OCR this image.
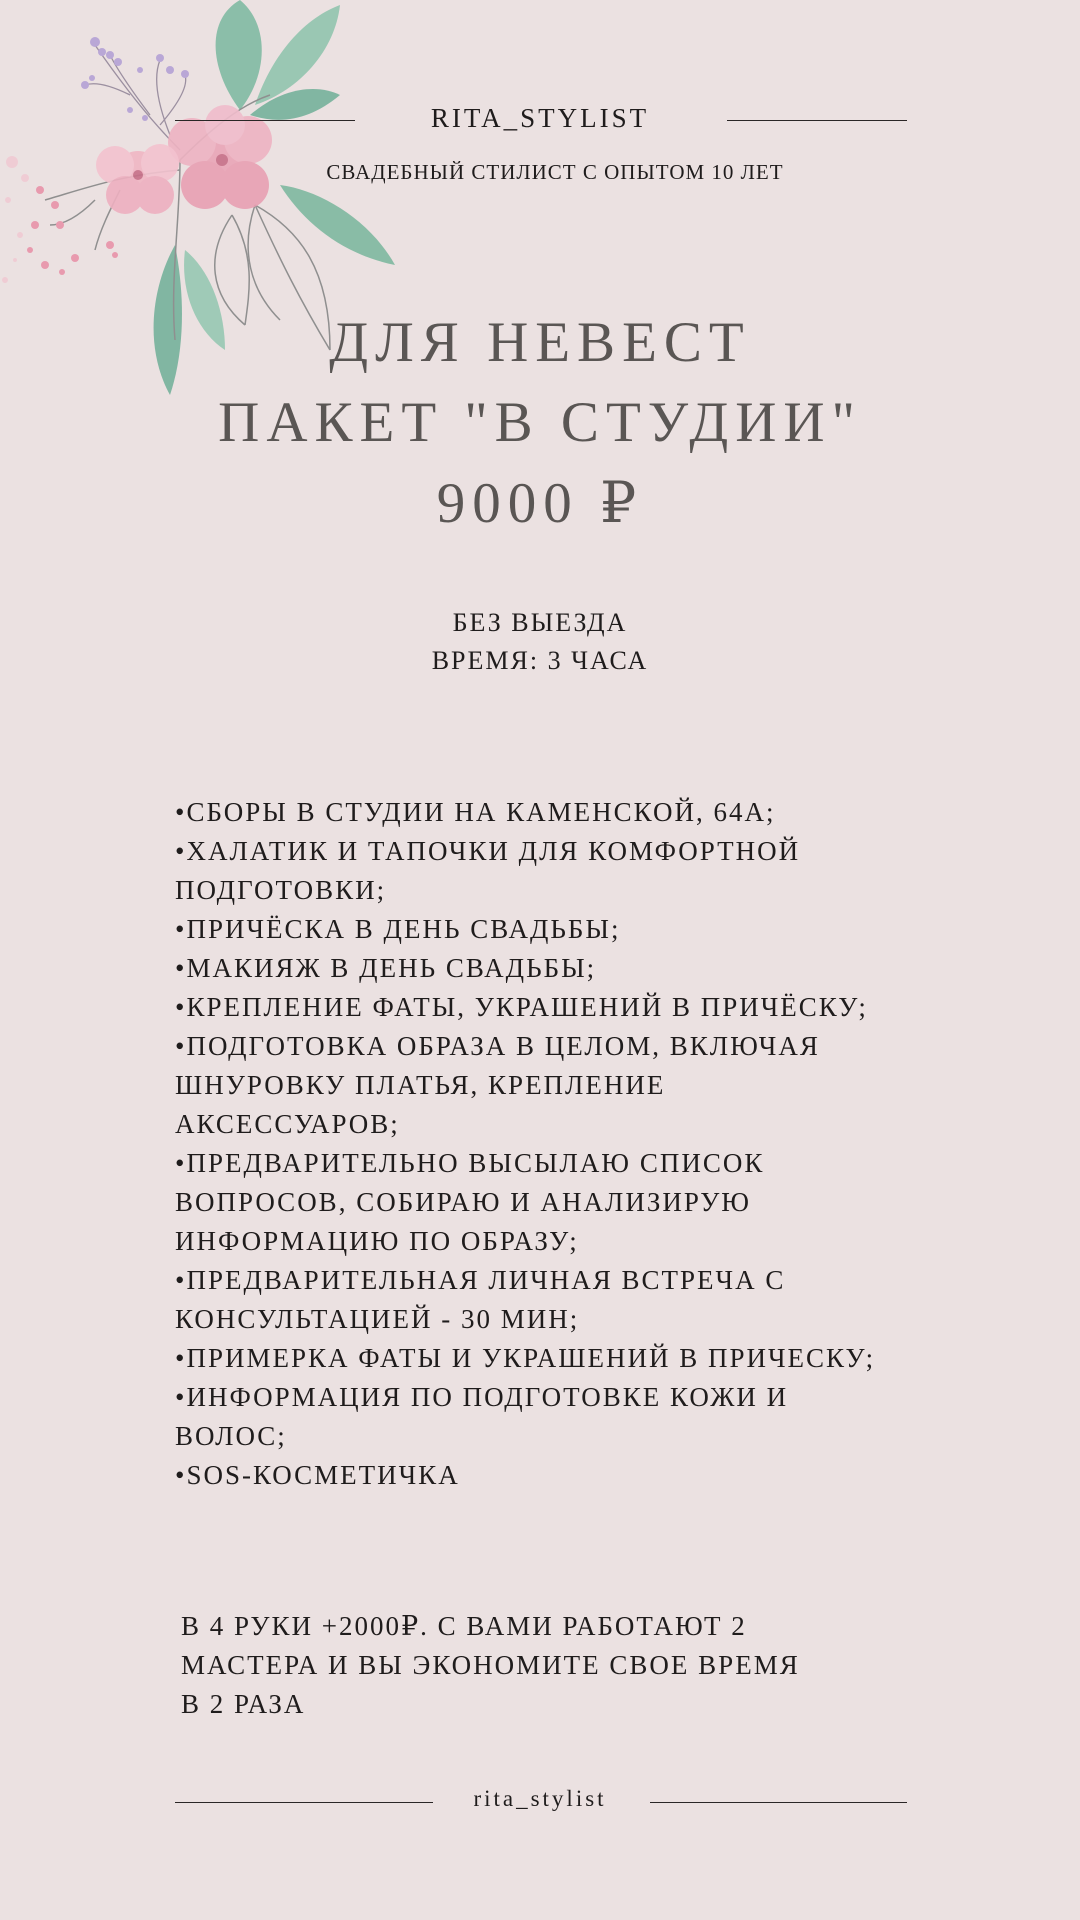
RITA_STYLIST
СВАДЕБНЫЙ СТИЛИСТ С ОПЫТОМ 10 ЛЕТ
ДЛЯ НЕВЕСТ
ПАКЕТ "В СТУДИИ"
9000 ₽
БЕЗ ВЫЕЗДА
ВРЕМЯ: 3 ЧАСА
•СБОРЫ В СТУДИИ НА КАМЕНСКОЙ, 64А;
•ХАЛАТИК И ТАПОЧКИ ДЛЯ КОМФОРТНОЙ
ПОДГОТОВКИ;
•ПРИЧЁСКА В ДЕНЬ СВАДЬБЫ;
•МАКИЯЖ В ДЕНЬ СВАДЬБЫ;
•КРЕПЛЕНИЕ ФАТЫ, УКРАШЕНИЙ В ПРИЧЁСКУ;
•ПОДГОТОВКА ОБРАЗА В ЦЕЛОМ, ВКЛЮЧАЯ
ШНУРОВКУ ПЛАТЬЯ, КРЕПЛЕНИЕ
АКСЕССУАРОВ;
•ПРЕДВАРИТЕЛЬНО ВЫСЫЛАЮ СПИСОК
ВОПРОСОВ, СОБИРАЮ И АНАЛИЗИРУЮ
ИНФОРМАЦИЮ ПО ОБРАЗУ;
•ПРЕДВАРИТЕЛЬНАЯ ЛИЧНАЯ ВСТРЕЧА С
КОНСУЛЬТАЦИЕЙ - 30 МИН;
•ПРИМЕРКА ФАТЫ И УКРАШЕНИЙ В ПРИЧЕСКУ;
•ИНФОРМАЦИЯ ПО ПОДГОТОВКЕ КОЖИ И
ВОЛОС;
•SOS-КОСМЕТИЧКА
В 4 РУКИ +2000₽. С ВАМИ РАБОТАЮТ 2
МАСТЕРА И ВЫ ЭКОНОМИТЕ СВОЕ ВРЕМЯ
В 2 РАЗА
rita_stylist
